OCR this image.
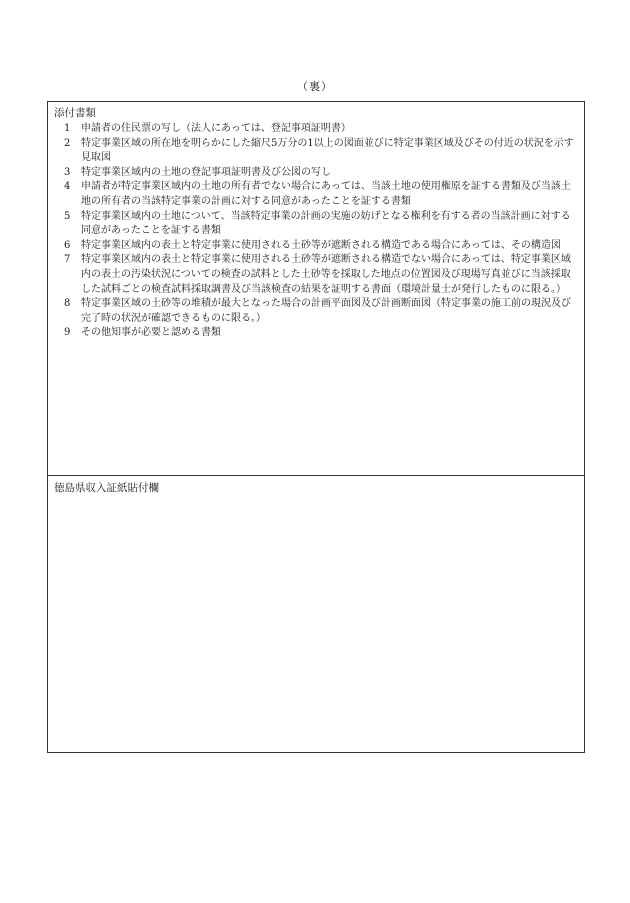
（裏）
添付書類
1 申請者の住民票の写し（法人にあっては、登記事項証明書）
2 特定事業区域の所在地を明らかにした縮尺5万分の1以上の図面並びに特定事業区域及びその付近の状況を示す見取図
3 特定事業区域内の土地の登記事項証明書及び公図の写し
4 申請者が特定事業区域内の土地の所有者でない場合にあっては、当該土地の使用権原を証する書類及び当該土地の所有者の当該特定事業の計画に対する同意があったことを証する書類
5 特定事業区域内の土地について、当該特定事業の計画の実施の妨げとなる権利を有する者の当該計画に対する同意があったことを証する書類
6 特定事業区域内の表土と特定事業に使用される土砂等が遮断される構造である場合にあっては、その構造図
7 特定事業区域内の表土と特定事業に使用される土砂等が遮断される構造でない場合にあっては、特定事業区域内の表土の汚染状況についての検査の試料とした土砂等を採取した地点の位置図及び現場写真並びに当該採取した試料ごとの検査試料採取調書及び当該検査の結果を証明する書面（環境計量士が発行したものに限る。）
8 特定事業区域の土砂等の堆積が最大となった場合の計画平面図及び計画断面図（特定事業の施工前の現況及び完了時の状況が確認できるものに限る。）
9 その他知事が必要と認める書類
徳島県収入証紙貼付欄
